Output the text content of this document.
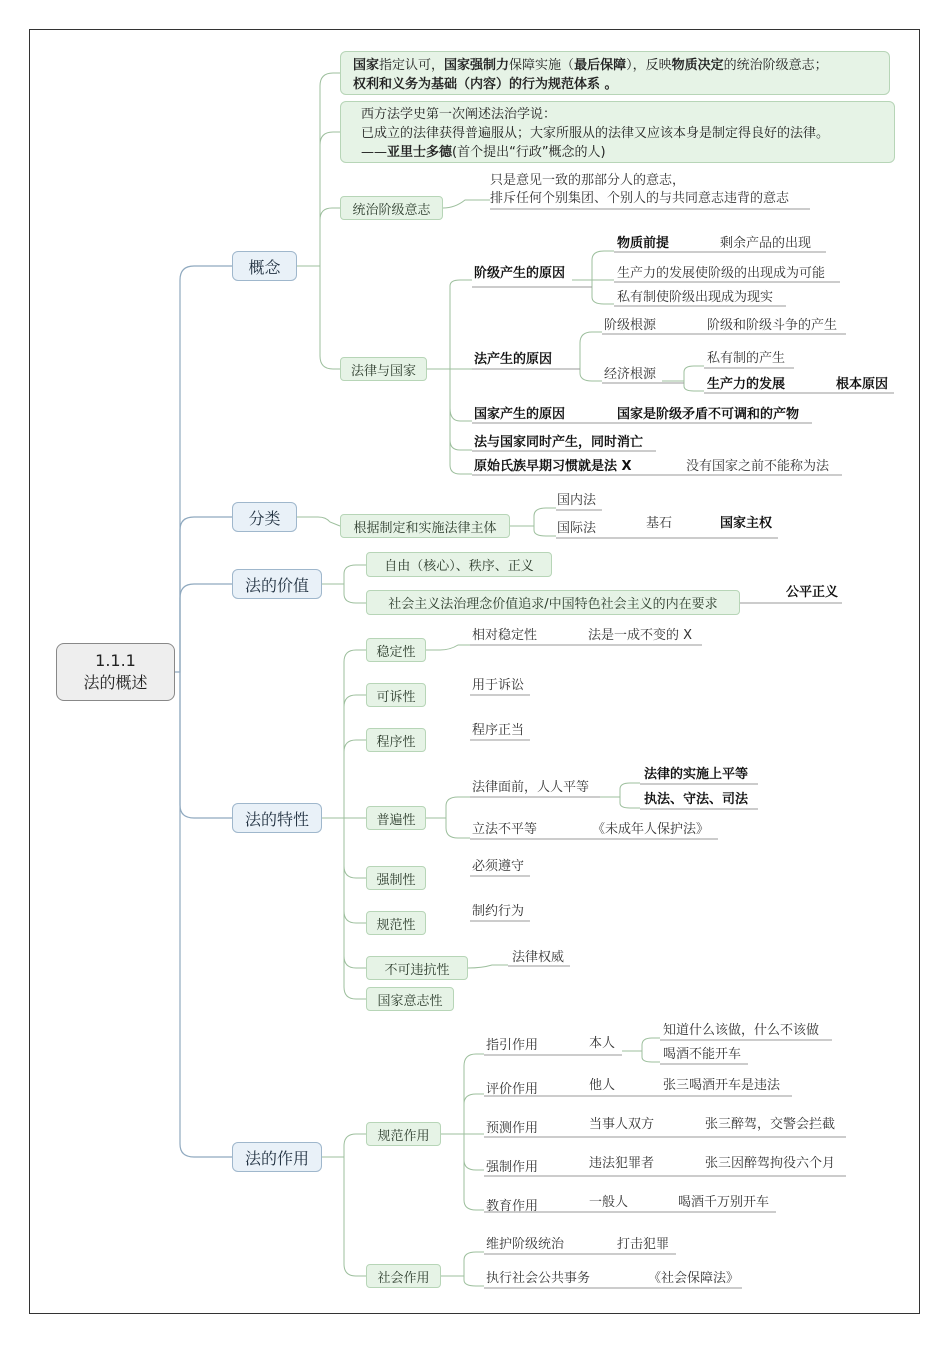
1.1.1
法的概述
概念
分类
法的价值
法的特性
法的作用
国家指定认可，国家强制力保障实施（最后保障），反映物质决定的统治阶级意志；
权利和义务为基础（内容）的行为规范体系 。
西方法学史第一次阐述法治学说：
已成立的法律获得普遍服从；大家所服从的法律又应该本身是制定得良好的法律。
——亚里士多德(首个提出“行政”概念的人)
统治阶级意志
只是意见一致的那部分人的意志，
排斥任何个别集团、个别人的与共同意志违背的意志
法律与国家
阶级产生的原因
物质前提	剩余产品的出现
生产力的发展使阶级的出现成为可能
私有制使阶级出现成为现实
法产生的原因
阶级根源	阶级和阶级斗争的产生
经济根源
私有制的产生
生产力的发展	根本原因
国家产生的原因	国家是阶级矛盾不可调和的产物
法与国家同时产生，同时消亡
原始氏族早期习惯就是法 X	没有国家之前不能称为法
根据制定和实施法律主体
国内法
国际法	基石	国家主权
自由（核心）、秩序、正义
社会主义法治理念价值追求/中国特色社会主义的内在要求
公平正义
稳定性
相对稳定性	法是一成不变的 X
可诉性
用于诉讼
程序性
程序正当
普遍性
法律面前，人人平等
法律的实施上平等
执法、守法、司法
立法不平等	《未成年人保护法》
强制性
必须遵守
规范性
制约行为
不可违抗性
法律权威
国家意志性
规范作用
社会作用
指引作用	本人
知道什么该做，什么不该做
喝酒不能开车
评价作用	他人	张三喝酒开车是违法
预测作用	当事人双方	张三醉驾，交警会拦截
强制作用	违法犯罪者	张三因醉驾拘役六个月
教育作用	一般人	喝酒千万别开车
维护阶级统治	打击犯罪
执行社会公共事务	《社会保障法》
